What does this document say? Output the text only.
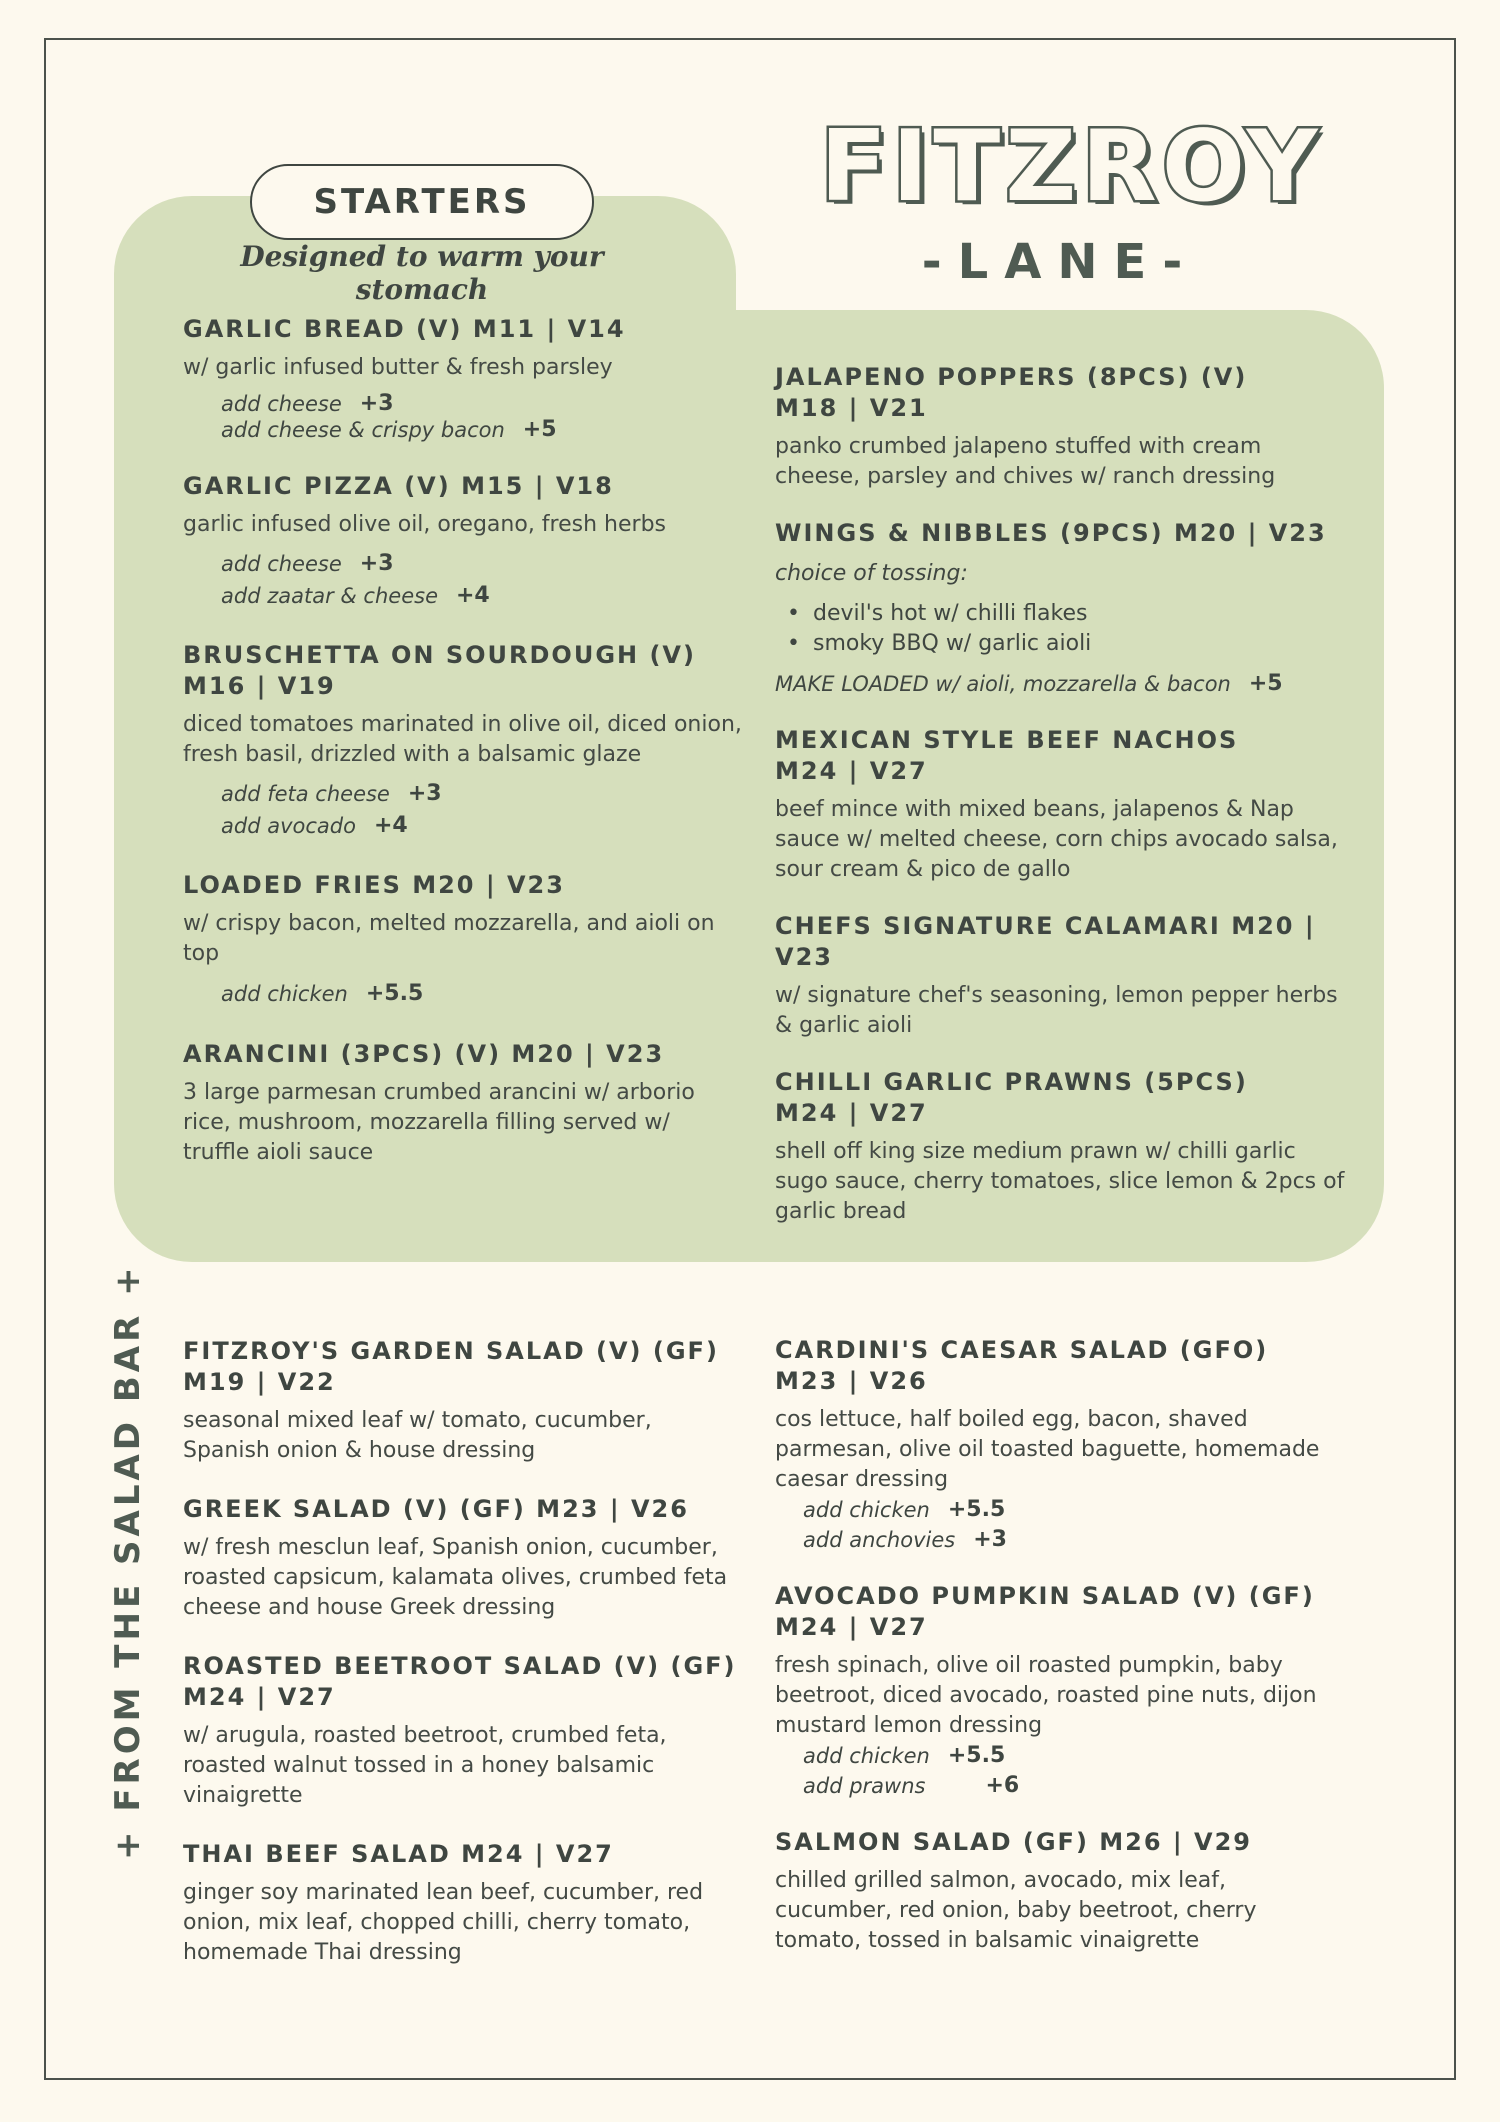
FITZROY
-LANE-
STARTERS
Designed to warm your stomach
GARLIC BREAD (V) M11 | V14
w/ garlic infused butter & fresh parsley
add cheese +3
add cheese & crispy bacon +5
GARLIC PIZZA (V) M15 | V18
garlic infused olive oil, oregano, fresh herbs
add cheese +3
add zaatar & cheese +4
BRUSCHETTA ON SOURDOUGH (V)
M16 | V19
diced tomatoes marinated in olive oil, diced onion, fresh basil, drizzled with a balsamic glaze
add feta cheese +3
add avocado +4
LOADED FRIES M20 | V23
w/ crispy bacon, melted mozzarella, and aioli on top
add chicken +5.5
ARANCINI (3PCS) (V) M20 | V23
3 large parmesan crumbed arancini w/ arborio rice, mushroom, mozzarella filling served w/ truffle aioli sauce
JALAPENO POPPERS (8PCS) (V)
M18 | V21
panko crumbed jalapeno stuffed with cream cheese, parsley and chives w/ ranch dressing
WINGS & NIBBLES (9PCS) M20 | V23
choice of tossing:
• devil's hot w/ chilli flakes
• smoky BBQ w/ garlic aioli
MAKE LOADED w/ aioli, mozzarella & bacon +5
MEXICAN STYLE BEEF NACHOS
M24 | V27
beef mince with mixed beans, jalapenos & Nap sauce w/ melted cheese, corn chips avocado salsa, sour cream & pico de gallo
CHEFS SIGNATURE CALAMARI M20 | V23
w/ signature chef's seasoning, lemon pepper herbs & garlic aioli
CHILLI GARLIC PRAWNS (5PCS)
M24 | V27
shell off king size medium prawn w/ chilli garlic sugo sauce, cherry tomatoes, slice lemon & 2pcs of garlic bread
+ FROM THE SALAD BAR + FITZROY'S GARDEN SALAD (V) (GF)
M19 | V22
seasonal mixed leaf w/ tomato, cucumber, Spanish onion & house dressing
GREEK SALAD (V) (GF) M23 | V26
w/ fresh mesclun leaf, Spanish onion, cucumber, roasted capsicum, kalamata olives, crumbed feta cheese and house Greek dressing
ROASTED BEETROOT SALAD (V) (GF)
M24 | V27
w/ arugula, roasted beetroot, crumbed feta, roasted walnut tossed in a honey balsamic vinaigrette
THAI BEEF SALAD M24 | V27
ginger soy marinated lean beef, cucumber, red onion, mix leaf, chopped chilli, cherry tomato, homemade Thai dressing
CARDINI'S CAESAR SALAD (GFO)
M23 | V26
cos lettuce, half boiled egg, bacon, shaved parmesan, olive oil toasted baguette, homemade caesar dressing
add chicken +5.5
add anchovies +3
AVOCADO PUMPKIN SALAD (V) (GF)
M24 | V27
fresh spinach, olive oil roasted pumpkin, baby beetroot, diced avocado, roasted pine nuts, dijon mustard lemon dressing
add chicken +5.5
add prawns	+6
SALMON SALAD (GF) M26 | V29
chilled grilled salmon, avocado, mix leaf, cucumber, red onion, baby beetroot, cherry tomato, tossed in balsamic vinaigrette
